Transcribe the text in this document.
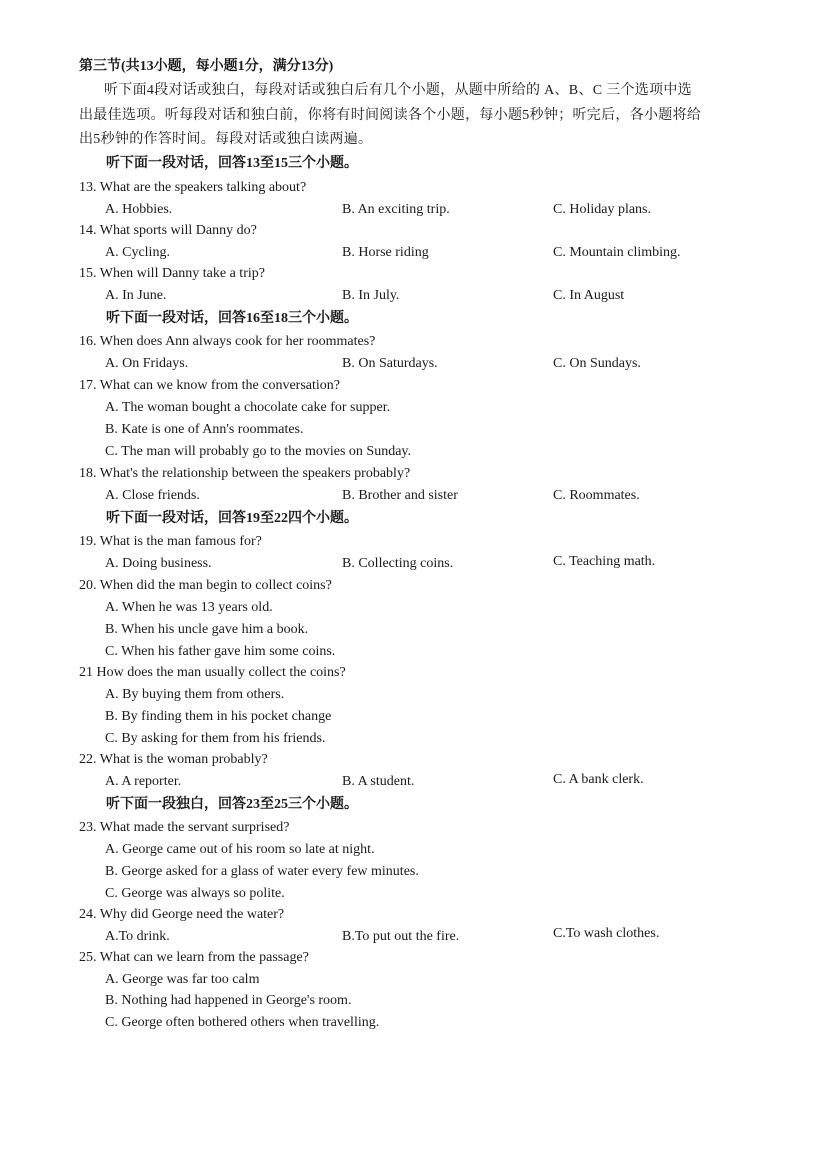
第三节(共13小题，每小题1分，满分13分)
听下面4段对话或独白，每段对话或独白后有几个小题，从题中所给的 A、B、C 三个选项中选
出最佳选项。听每段对话和独白前，你将有时间阅读各个小题，每小题5秒钟；听完后，各小题将给
出5秒钟的作答时间。每段对话或独白读两遍。
听下面一段对话，回答13至15三个小题。
13. What are the speakers talking about?
A. Hobbies.	B. An exciting trip.	C. Holiday plans.
14. What sports will Danny do?
A. Cycling.	B. Horse riding	C. Mountain climbing.
15. When will Danny take a trip?
A. In June.	B. In July.	C. In August
听下面一段对话，回答16至18三个小题。
16. When does Ann always cook for her roommates?
A. On Fridays.	B. On Saturdays.	C. On Sundays.
17. What can we know from the conversation?
A. The woman bought a chocolate cake for supper.
B. Kate is one of Ann's roommates.
C. The man will probably go to the movies on Sunday.
18. What's the relationship between the speakers probably?
A. Close friends.	B. Brother and sister	C. Roommates.
听下面一段对话，回答19至22四个小题。
19. What is the man famous for?
A. Doing business.	B. Collecting coins.	C. Teaching math.
20. When did the man begin to collect coins?
A. When he was 13 years old.
B. When his uncle gave him a book.
C. When his father gave him some coins.
21 How does the man usually collect the coins?
A. By buying them from others.
B. By finding them in his pocket change
C. By asking for them from his friends.
22. What is the woman probably?
A. A reporter.	B. A student.	C. A bank clerk.
听下面一段独白，回答23至25三个小题。
23. What made the servant surprised?
A. George came out of his room so late at night.
B. George asked for a glass of water every few minutes.
C. George was always so polite.
24. Why did George need the water?
A.To drink.	B.To put out the fire.	C.To wash clothes.
25. What can we learn from the passage?
A. George was far too calm
B. Nothing had happened in George's room.
C. George often bothered others when travelling.
